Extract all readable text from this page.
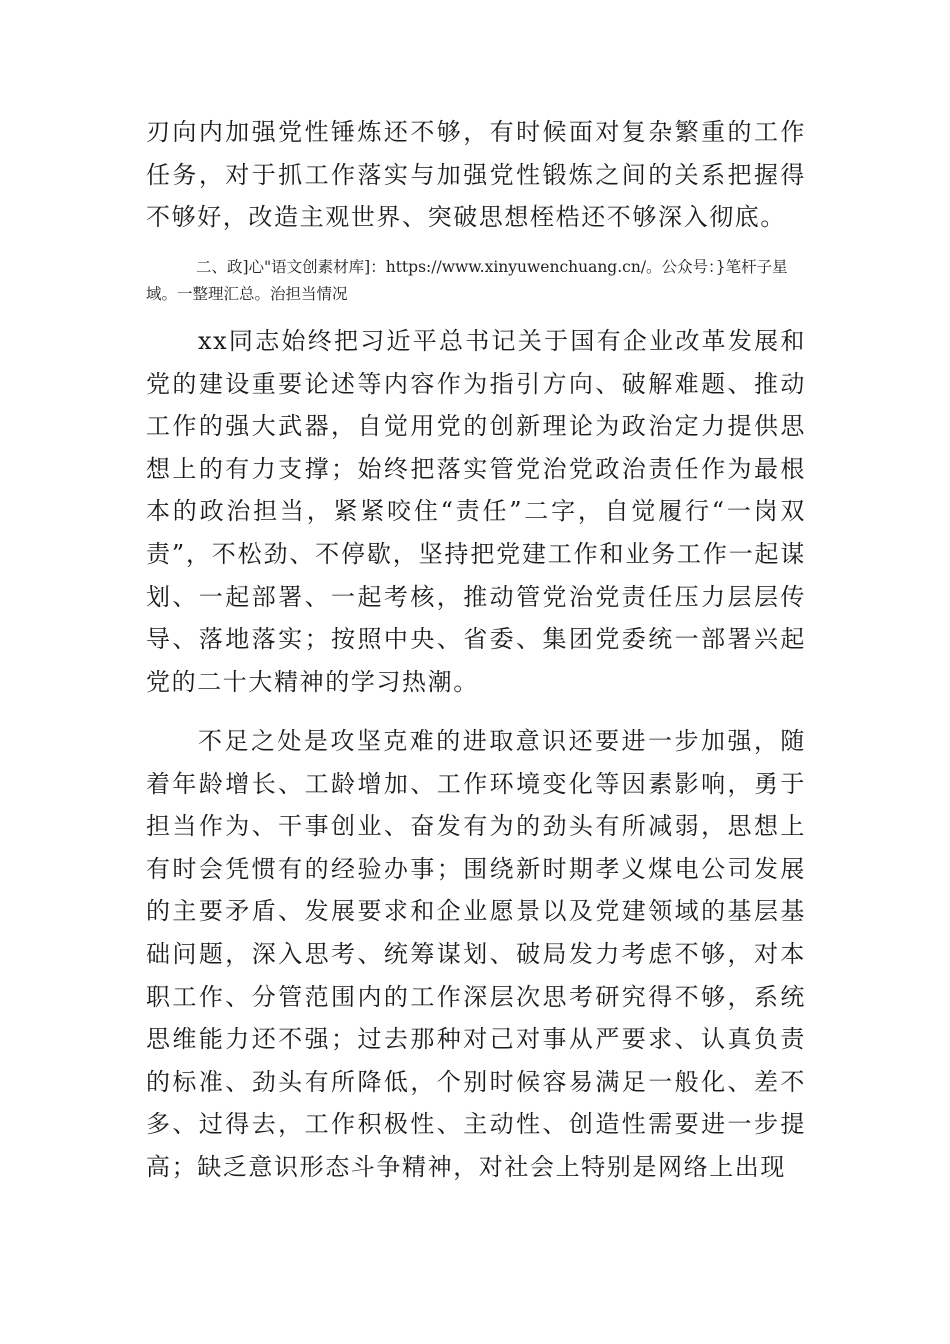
刃向内加强党性锤炼还不够，有时候面对复杂繁重的工作任务，对于抓工作落实与加强党性锻炼之间的关系把握得不够好，改造主观世界、突破思想桎梏还不够深入彻底。

二、政]心"语文创素材库]：https://www.xinyuwenchuang.cn/。公众号：}笔杆子星域。一整理汇总。治担当情况

xx同志始终把习近平总书记关于国有企业改革发展和党的建设重要论述等内容作为指引方向、破解难题、推动工作的强大武器，自觉用党的创新理论为政治定力提供思想上的有力支撑；始终把落实管党治党政治责任作为最根本的政治担当，紧紧咬住“责任”二字，自觉履行“一岗双责”，不松劲、不停歇，坚持把党建工作和业务工作一起谋划、一起部署、一起考核，推动管党治党责任压力层层传导、落地落实；按照中央、省委、集团党委统一部署兴起党的二十大精神的学习热潮。

不足之处是攻坚克难的进取意识还要进一步加强，随着年龄增长、工龄增加、工作环境变化等因素影响，勇于担当作为、干事创业、奋发有为的劲头有所减弱，思想上有时会凭惯有的经验办事；围绕新时期孝义煤电公司发展的主要矛盾、发展要求和企业愿景以及党建领域的基层基础问题，深入思考、统筹谋划、破局发力考虑不够，对本职工作、分管范围内的工作深层次思考研究得不够，系统思维能力还不强；过去那种对己对事从严要求、认真负责的标准、劲头有所降低，个别时候容易满足一般化、差不多、过得去，工作积极性、主动性、创造性需要进一步提高；缺乏意识形态斗争精神，对社会上特别是网络上出现
